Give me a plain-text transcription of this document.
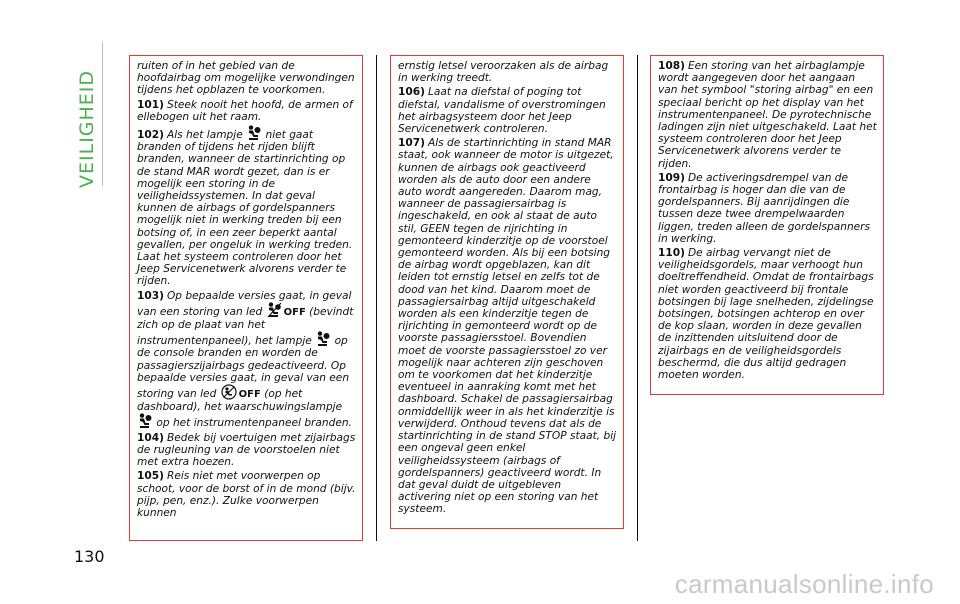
VEILIGHEID

ruiten of in het gebied van de hoofdairbag om mogelijke verwondingen tijdens het opblazen te voorkomen.

101) Steek nooit het hoofd, de armen of ellebogen uit het raam.

102) Als het lampje niet gaat branden of tijdens het rijden blijft branden, wanneer de startinrichting op de stand MAR wordt gezet, dan is er mogelijk een storing in de veiligheidssystemen. In dat geval kunnen de airbags of gordelspanners mogelijk niet in werking treden bij een botsing of, in een zeer beperkt aantal gevallen, per ongeluk in werking treden. Laat het systeem controleren door het Jeep Servicenetwerk alvorens verder te rijden.

103) Op bepaalde versies gaat, in geval van een storing van led OFF (bevindt zich op de plaat van het instrumentenpaneel), het lampje op de console branden en worden de passagierszijairbags gedeactiveerd. Op bepaalde versies gaat, in geval van een storing van led OFF (op het dashboard), het waarschuwingslampje  op het instrumentenpaneel branden.

104) Bedek bij voertuigen met zijairbags de rugleuning van de voorstoelen niet met extra hoezen.

105) Reis niet met voorwerpen op schoot, voor de borst of in de mond (bijv. pijp, pen, enz.). Zulke voorwerpen kunnen

ernstig letsel veroorzaken als de airbag in werking treedt.

106) Laat na diefstal of poging tot diefstal, vandalisme of overstromingen het airbagsysteem door het Jeep Servicenetwerk controleren.

107) Als de startinrichting in stand MAR staat, ook wanneer de motor is uitgezet, kunnen de airbags ook geactiveerd worden als de auto door een andere auto wordt aangereden. Daarom mag, wanneer de passagiersairbag is ingeschakeld, en ook al staat de auto stil, GEEN tegen de rijrichting in gemonteerd kinderzitje op de voorstoel gemonteerd worden. Als bij een botsing de airbag wordt opgeblazen, kan dit leiden tot ernstig letsel en zelfs tot de dood van het kind. Daarom moet de passagiersairbag altijd uitgeschakeld worden als een kinderzitje tegen de rijrichting in gemonteerd wordt op de voorste passagiersstoel. Bovendien moet de voorste passagiersstoel zo ver mogelijk naar achteren zijn geschoven om te voorkomen dat het kinderzitje eventueel in aanraking komt met het dashboard. Schakel de passagiersairbag onmiddellijk weer in als het kinderzitje is verwijderd. Onthoud tevens dat als de startinrichting in de stand STOP staat, bij een ongeval geen enkel veiligheidssysteem (airbags of gordelspanners) geactiveerd wordt. In dat geval duidt de uitgebleven activering niet op een storing van het systeem.

108) Een storing van het airbaglampje wordt aangegeven door het aangaan van het symbool "storing airbag" en een speciaal bericht op het display van het instrumentenpaneel. De pyrotechnische ladingen zijn niet uitgeschakeld. Laat het systeem controleren door het Jeep Servicenetwerk alvorens verder te rijden.

109) De activeringsdrempel van de frontairbag is hoger dan die van de gordelspanners. Bij aanrijdingen die tussen deze twee drempelwaarden liggen, treden alleen de gordelspanners in werking.

110) De airbag vervangt niet de veiligheidsgordels, maar verhoogt hun doeltreffendheid. Omdat de frontairbags niet worden geactiveerd bij frontale botsingen bij lage snelheden, zijdelingse botsingen, botsingen achterop en over de kop slaan, worden in deze gevallen de inzittenden uitsluitend door de zijairbags en de veiligheidsgordels beschermd, die dus altijd gedragen moeten worden.

130
carmanualsonline.info
